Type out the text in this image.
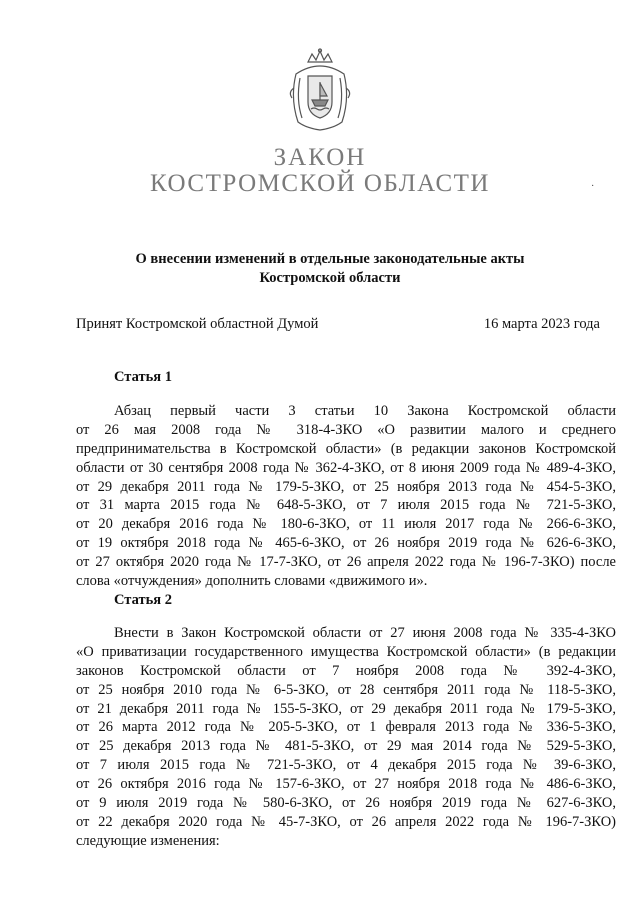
ЗАКОН
КОСТРОМСКОЙ ОБЛАСТИ	·
О внесении изменений в отдельные законодательные акты
Костромской области
Принят Костромской областной Думой	16 марта 2023 года
Статья 1
Абзац первый части 3 статьи 10 Закона Костромской области
от 26 мая 2008 года № 318-4-ЗКО «О развитии малого и среднего
предпринимательства в Костромской области» (в редакции законов Костромской
области от 30 сентября 2008 года № 362-4-ЗКО, от 8 июня 2009 года № 489-4-ЗКО,
от 29 декабря 2011 года № 179-5-ЗКО, от 25 ноября 2013 года № 454-5-ЗКО,
от 31 марта 2015 года № 648-5-ЗКО, от 7 июля 2015 года № 721-5-ЗКО,
от 20 декабря 2016 года № 180-6-ЗКО, от 11 июля 2017 года № 266-6-ЗКО,
от 19 октября 2018 года № 465-6-ЗКО, от 26 ноября 2019 года № 626-6-ЗКО,
от 27 октября 2020 года № 17-7-ЗКО, от 26 апреля 2022 года № 196-7-ЗКО) после
слова «отчуждения» дополнить словами «движимого и».
Статья 2
Внести в Закон Костромской области от 27 июня 2008 года № 335-4-ЗКО
«О приватизации государственного имущества Костромской области» (в редакции
законов Костромской области от 7 ноября 2008 года № 392-4-ЗКО,
от 25 ноября 2010 года № 6-5-ЗКО, от 28 сентября 2011 года № 118-5-ЗКО,
от 21 декабря 2011 года № 155-5-ЗКО, от 29 декабря 2011 года № 179-5-ЗКО,
от 26 марта 2012 года № 205-5-ЗКО, от 1 февраля 2013 года № 336-5-ЗКО,
от 25 декабря 2013 года № 481-5-ЗКО, от 29 мая 2014 года № 529-5-ЗКО,
от 7 июля 2015 года № 721-5-ЗКО, от 4 декабря 2015 года № 39-6-ЗКО,
от 26 октября 2016 года № 157-6-ЗКО, от 27 ноября 2018 года № 486-6-ЗКО,
от 9 июля 2019 года № 580-6-ЗКО, от 26 ноября 2019 года № 627-6-ЗКО,
от 22 декабря 2020 года № 45-7-ЗКО, от 26 апреля 2022 года № 196-7-ЗКО)
следующие изменения:
